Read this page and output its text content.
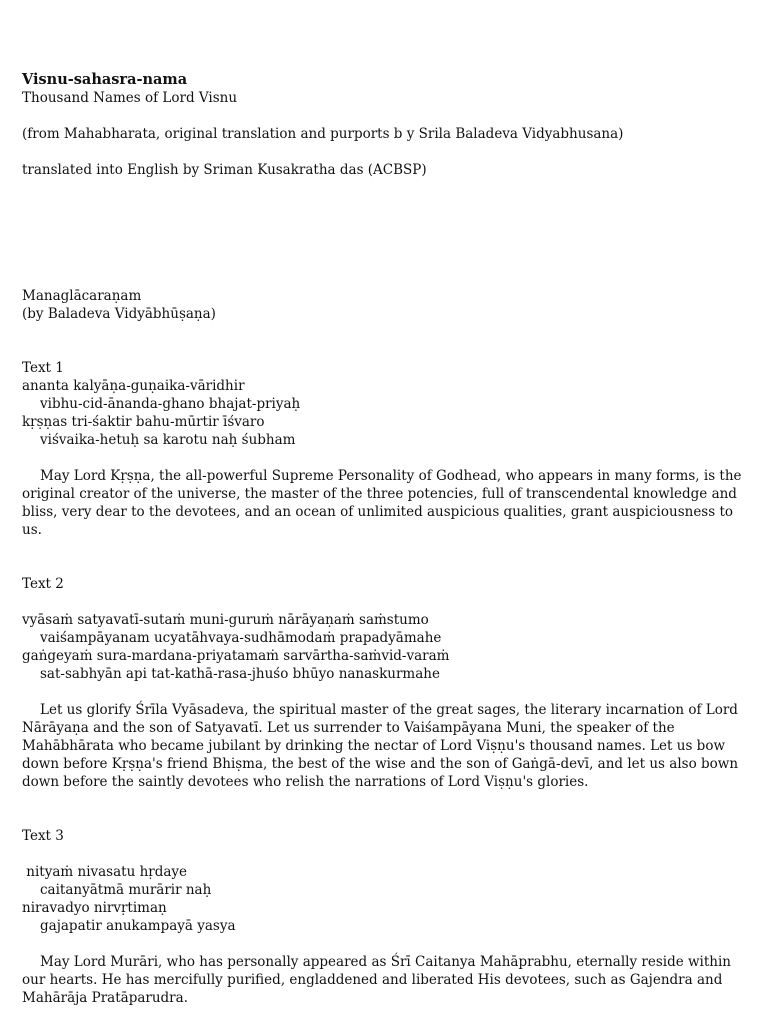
Visnu-sahasra-nama
Thousand Names of Lord Visnu
(from Mahabharata, original translation and purports b y Srila Baladeva Vidyabhusana)
translated into English by Sriman Kusakratha das (ACBSP)
Managlācaraṇam
(by Baladeva Vidyābhūṣaṇa)
Text 1
ananta kalyāṇa-guṇaika-vāridhir
vibhu-cid-ānanda-ghano bhajat-priyaḥ
kṛṣṇas tri-śaktir bahu-mūrtir īśvaro
viśvaika-hetuḥ sa karotu naḥ śubham
May Lord Kṛṣṇa, the all-powerful Supreme Personality of Godhead, who appears in many forms, is the original creator of the universe, the master of the three potencies, full of transcendental knowledge and bliss, very dear to the devotees, and an ocean of unlimited auspicious qualities, grant auspiciousness to us.
Text 2
vyāsaṁ satyavatī-sutaṁ muni-guruṁ nārāyaṇaṁ saṁstumo
vaiśampāyanam ucyatāhvaya-sudhāmodaṁ prapadyāmahe
gaṅgeyaṁ sura-mardana-priyatamaṁ sarvārtha-saṁvid-varaṁ
sat-sabhyān api tat-kathā-rasa-jhuśo bhūyo nanaskurmahe
Let us glorify Śrīla Vyāsadeva, the spiritual master of the great sages, the literary incarnation of Lord Nārāyaṇa and the son of Satyavatī. Let us surrender to Vaiśampāyana Muni, the speaker of the Mahābhārata who became jubilant by drinking the nectar of Lord Viṣṇu's thousand names. Let us bow down before Kṛṣṇa's friend Bhiṣma, the best of the wise and the son of Gaṅgā-devī, and let us also bown down before the saintly devotees who relish the narrations of Lord Viṣṇu's glories.
Text 3
nityaṁ nivasatu hṛdaye
caitanyātmā murārir naḥ
niravadyo nirvṛtimaṇ
gajapatir anukampayā yasya
May Lord Murāri, who has personally appeared as Śrī Caitanya Mahāprabhu, eternally reside within our hearts. He has mercifully purified, engladdened and liberated His devotees, such as Gajendra and Mahārāja Pratāparudra.
